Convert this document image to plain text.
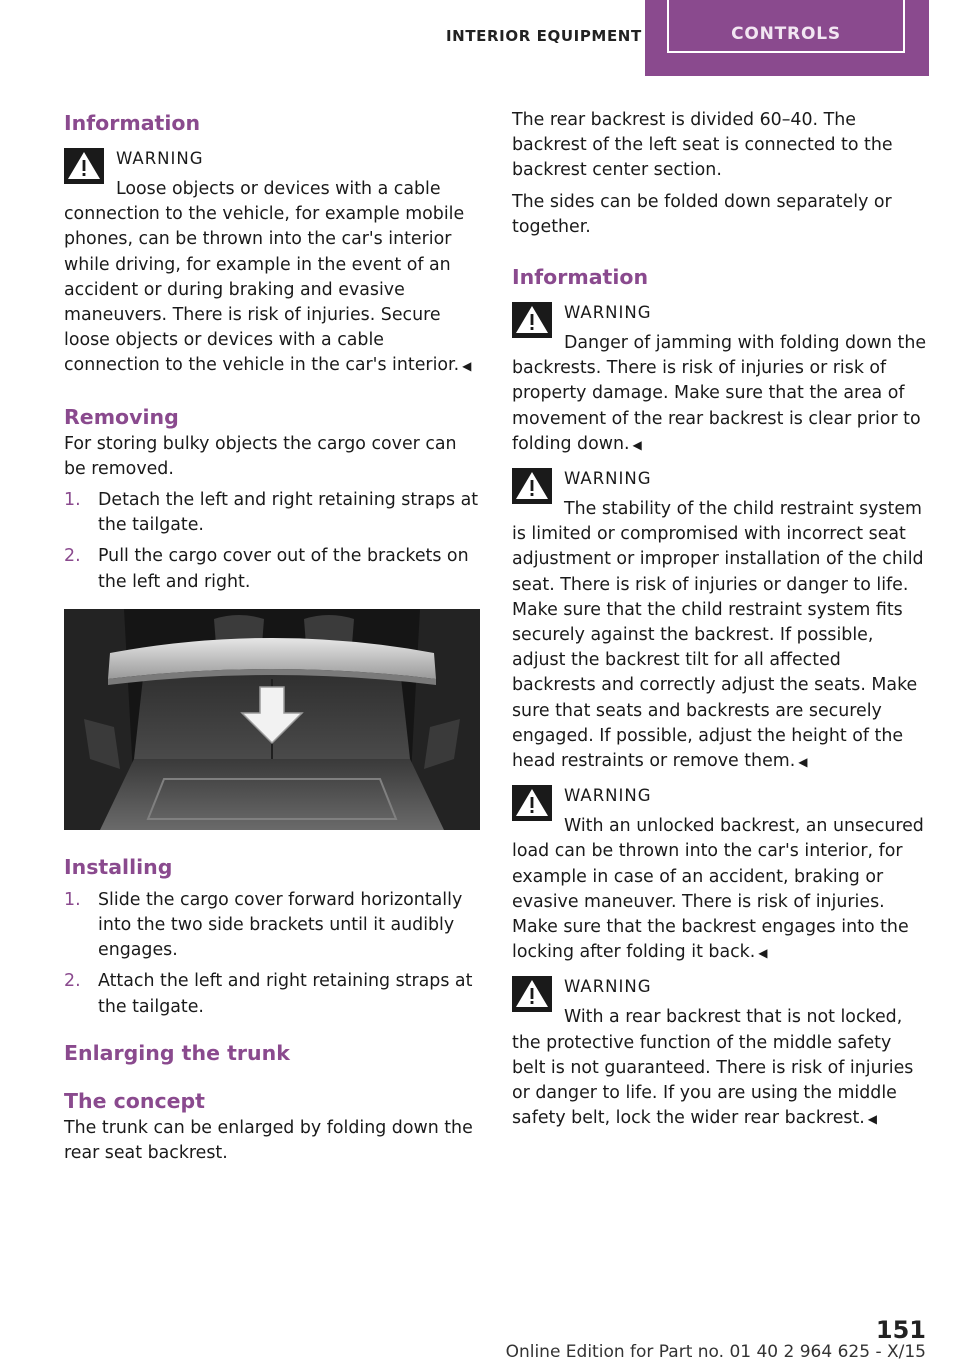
INTERIOR EQUIPMENT	CONTROLS
Information
WARNING

Loose objects or devices with a cable connection to the vehicle, for example mobile phones, can be thrown into the car's interior while driving, for example in the event of an accident or during braking and evasive maneuvers. There is risk of injuries. Secure loose objects or devices with a cable connection to the vehicle in the car's interior. ◀

Removing

For storing bulky objects the cargo cover can be removed.

1. Detach the left and right retaining straps at the tailgate.
2. Pull the cargo cover out of the brackets on the left and right.
Installing
1. Slide the cargo cover forward horizontally into the two side brackets until it audibly engages.
2. Attach the left and right retaining straps at the tailgate.
Enlarging the trunk
The concept

The trunk can be enlarged by folding down the rear seat backrest.

The rear backrest is divided 60–40. The backrest of the left seat is connected to the backrest center section.

The sides can be folded down separately or together.

Information
WARNING

Danger of jamming with folding down the backrests. There is risk of injuries or risk of property damage. Make sure that the area of movement of the rear backrest is clear prior to folding down. ◀

WARNING

The stability of the child restraint system is limited or compromised with incorrect seat adjustment or improper installation of the child seat. There is risk of injuries or danger to life. Make sure that the child restraint system fits securely against the backrest. If possible, adjust the backrest tilt for all affected backrests and correctly adjust the seats. Make sure that seats and backrests are securely engaged. If possible, adjust the height of the head restraints or remove them. ◀

WARNING

With an unlocked backrest, an unsecured load can be thrown into the car's interior, for example in case of an accident, braking or evasive maneuver. There is risk of injuries. Make sure that the backrest engages into the locking after folding it back. ◀

WARNING

With a rear backrest that is not locked, the protective function of the middle safety belt is not guaranteed. There is risk of injuries or danger to life. If you are using the middle safety belt, lock the wider rear backrest. ◀

151
Online Edition for Part no. 01 40 2 964 625 - X/15
